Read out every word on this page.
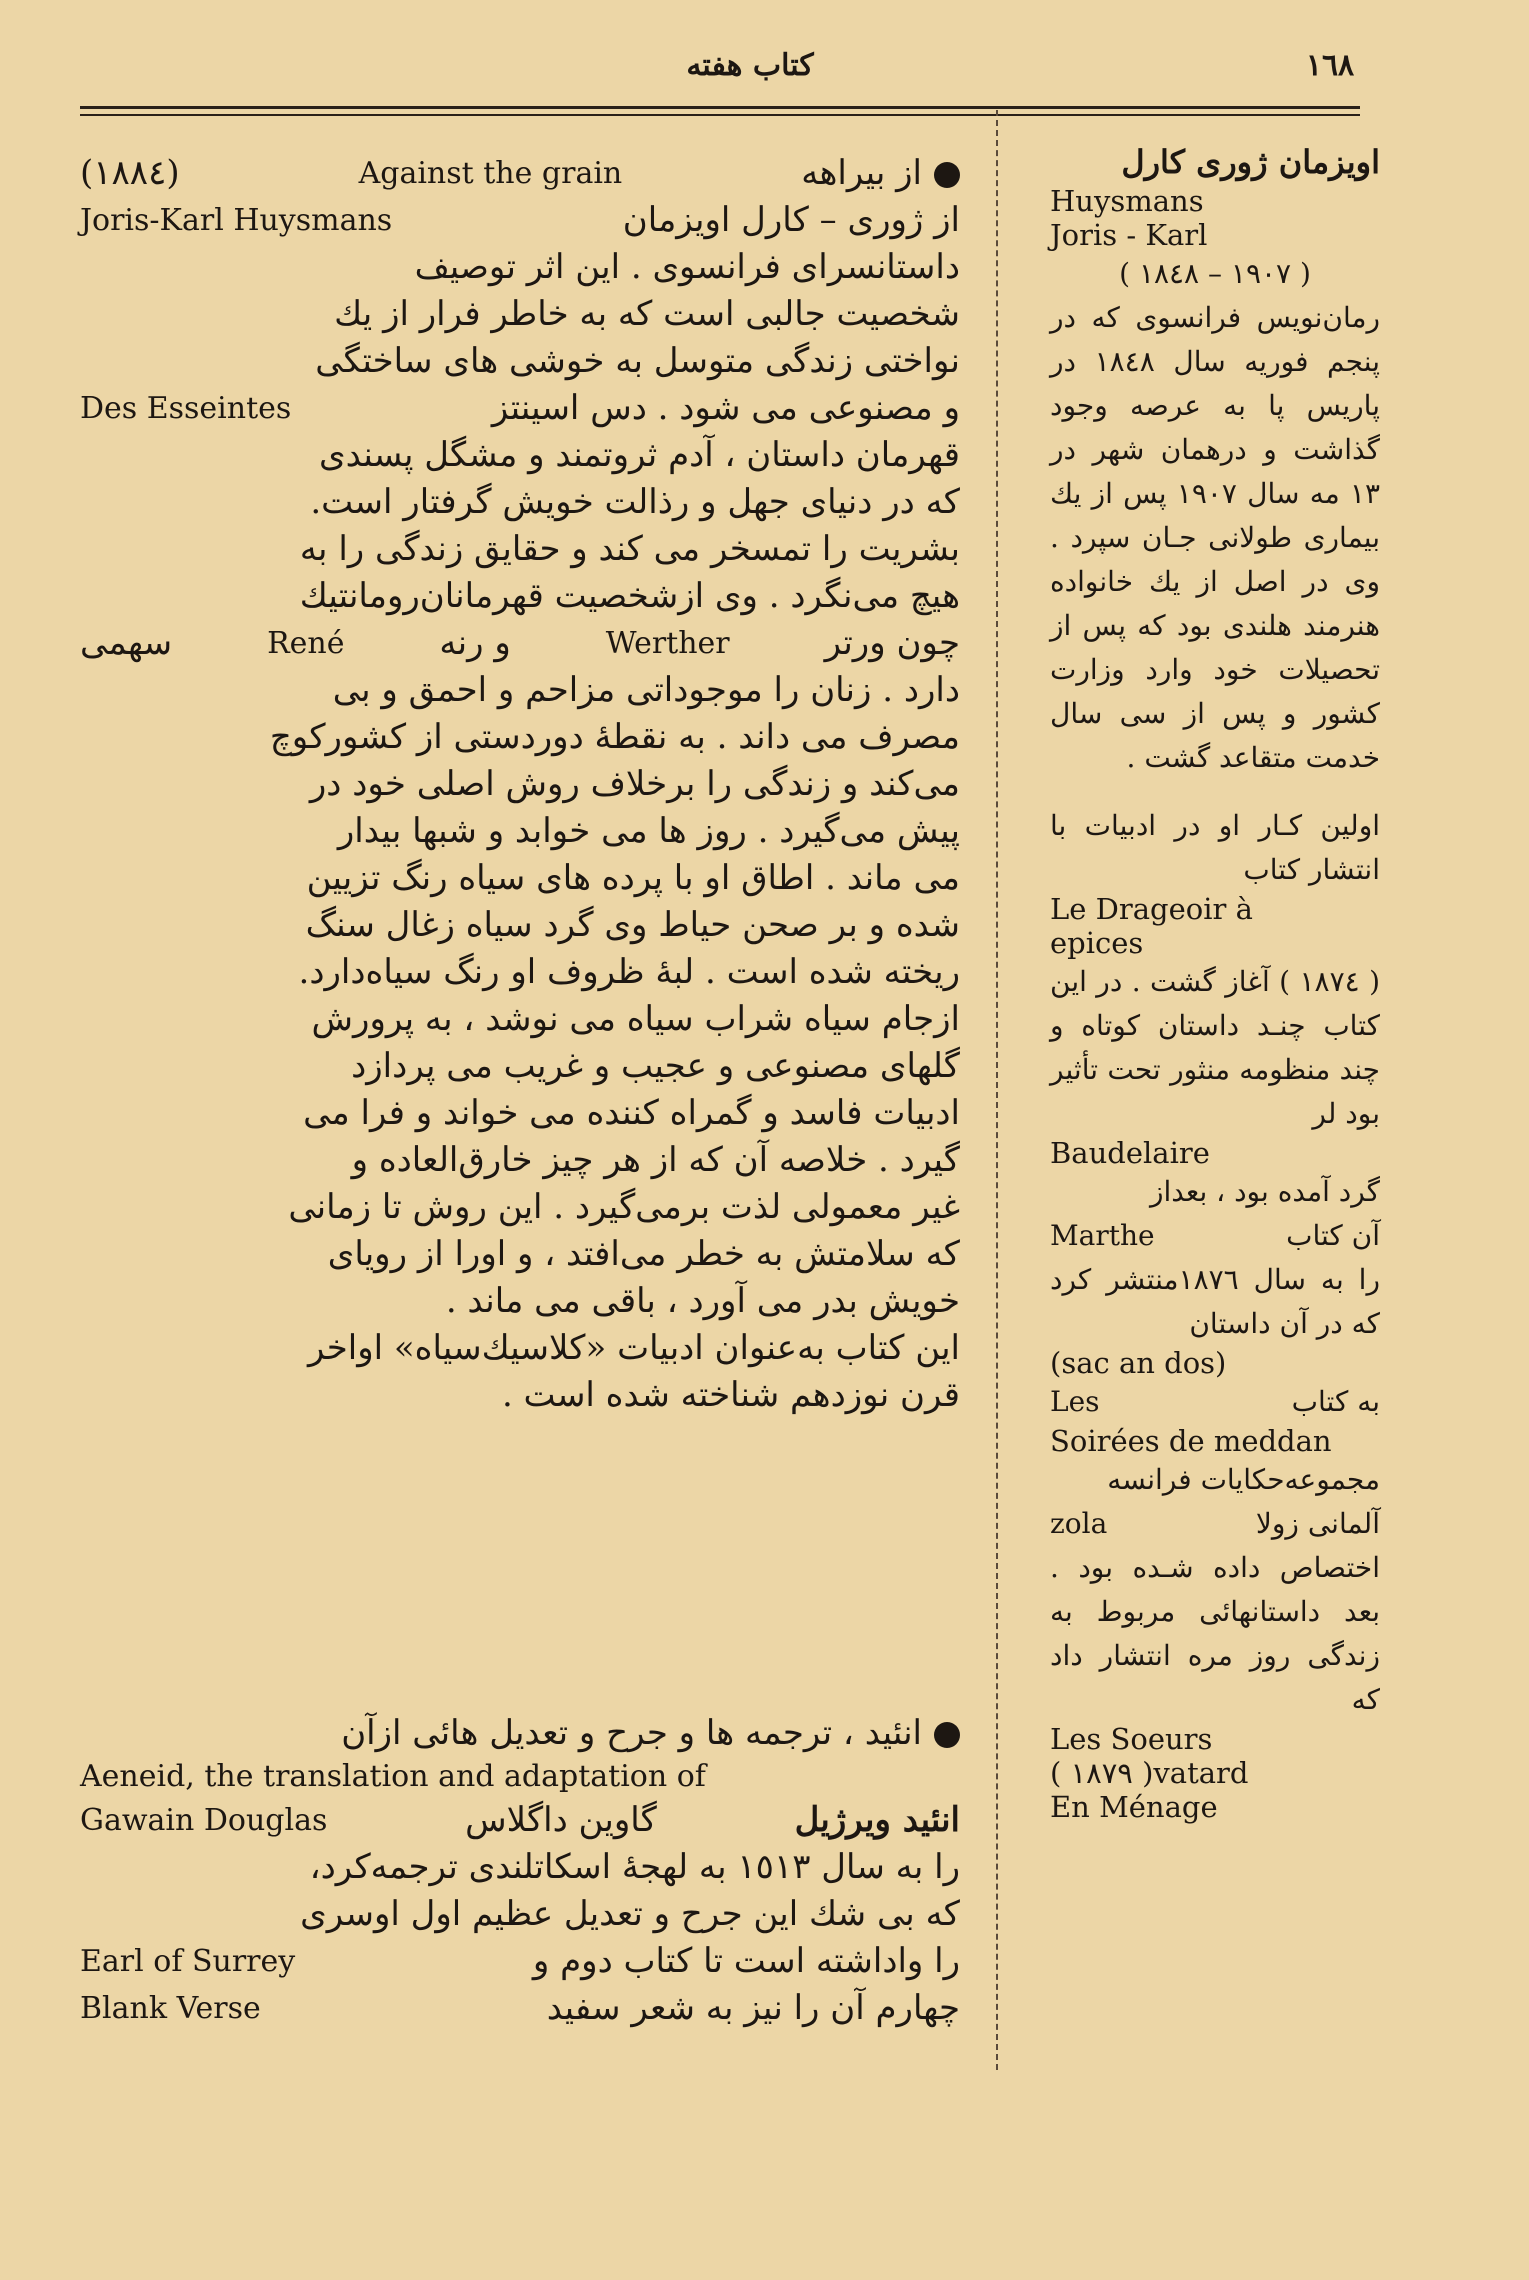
١٦٨
کتاب هفته
از بیراهه
Against the grain
(١٨٨٤)
از ژوری – کارل اویزمان
Joris-Karl Huysmans
داستانسرای فرانسوی . این اثر توصیف
شخصیت جالبی است که به خاطر فرار از یك
نواختی زندگی متوسل به خوشی های ساختگی
و مصنوعی می شود . دس اسینتز
Des Esseintes
قهرمان داستان ، آدم ثروتمند و مشگل پسندی
که در دنیای جهل و رذالت خویش گرفتار است.
بشریت را تمسخر می کند و حقایق زندگی را به
هیچ می‌نگرد . وی ازشخصیت قهرمانان‌رومانتیك
چون ورتر
Werther
و رنه
René
سهمی
دارد . زنان را موجوداتی مزاحم و احمق و بی
مصرف می داند . به نقطهٔ دوردستی از کشورکوچ
می‌کند و زندگی را برخلاف روش اصلی خود در
پیش می‌گیرد . روز ها می خوابد و شبها بیدار
می ماند . اطاق او با پرده های سیاه رنگ تزیین
شده و بر صحن حیاط وی گرد سیاه زغال سنگ
ریخته شده است . لبهٔ ظروف او رنگ سیاه‌دارد.
ازجام سیاه شراب سیاه می نوشد ، به پرورش
گلهای مصنوعی و عجیب و غریب می پردازد
ادبیات فاسد و گمراه کننده می خواند و فرا می
گیرد . خلاصه آن که از هر چیز خارق‌العاده و
غیر معمولی لذت برمی‌گیرد . این روش تا زمانی
که سلامتش به خطر می‌افتد ، و اورا از رویای
خویش بدر می آورد ، باقی می ماند .
این کتاب به‌عنوان ادبیات «کلاسیك‌سیاه» اواخر
قرن نوزدهم شناخته شده است .
انئید ، ترجمه ها و جرح و تعدیل هائی ازآن
Aeneid, the translation and adaptation of
انئید ویرژیل
گاوین داگلاس
Gawain Douglas
را به سال ١٥١٣ به لهجهٔ اسکاتلندی ترجمه‌کرد،
که بی شك این جرح و تعدیل عظیم اول اوسری
را واداشته است تا کتاب دوم و
Earl of Surrey
چهارم آن را نیز به شعر سفید
Blank Verse

اویزمان ژوری کارل

Huysmans

Joris - Karl

( ١٩٠٧ – ١٨٤٨ )

رمان‌نویس فرانسوی که در پنجم فوریه سال ١٨٤٨ در پاریس پا به عرصه وجود گذاشت و درهمان شهر در ١٣ مه سال ١٩٠٧ پس از یك بیماری طولانی جـان سپرد . وی در اصل از یك خانواده هنرمند هلندی بود که پس از تحصیلات خود وارد وزارت کشور و پس از سی سال خدمت متقاعد گشت .

اولین کـار او در ادبیات با انتشار کتاب

Le Drageoir à

epices

( ١٨٧٤ ) آغاز گشت . در این کتاب چنـد داستان کوتاه و چند منظومه منثور تحت تأثیر بود لر

Baudelaire

گرد آمده بود ، بعداز

آن کتاب
Marthe

را به سال ١٨٧٦منتشر کرد که در آن داستان

(sac an dos)

به کتاب
Les

Soirées de meddan

مجموعه‌حکایات فرانسه

آلمانی زولا
zola

اختصاص داده شـده بود . بعد داستانهائی مربوط به زندگی روز مره انتشار داد که

Les Soeurs

( ١٨٧٩ )vatard

En Ménage
